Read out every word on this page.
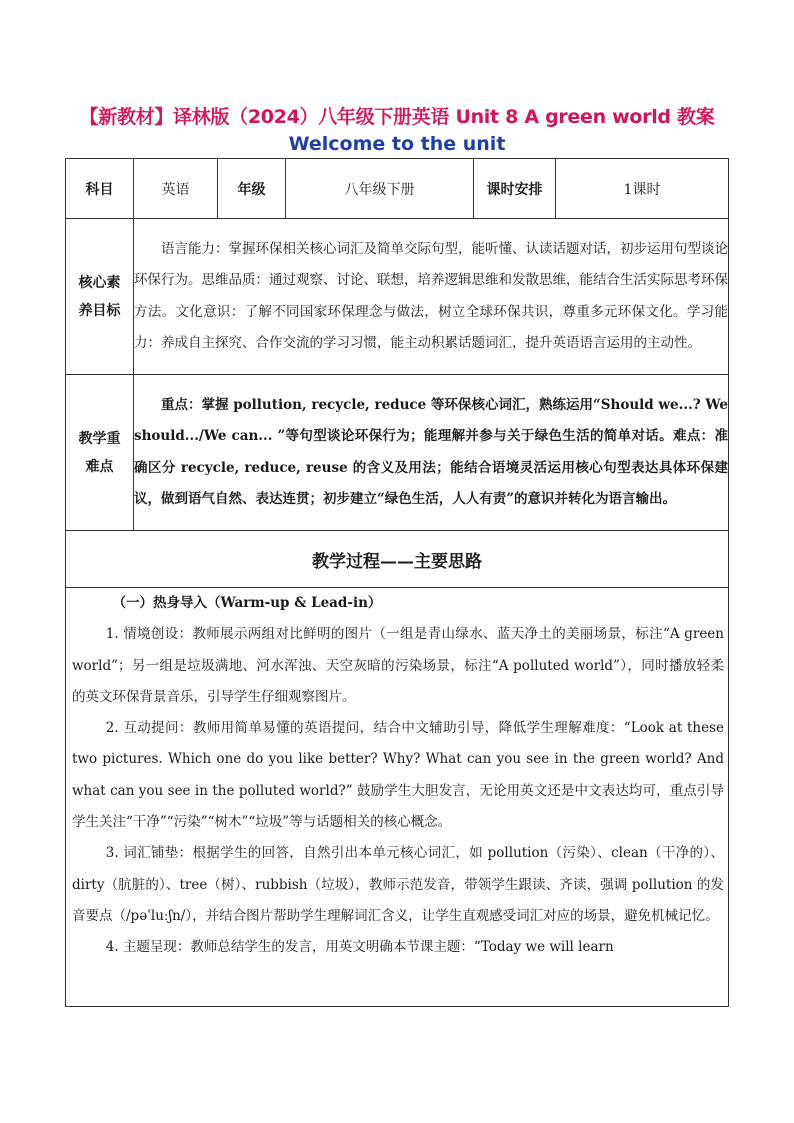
【新教材】译林版（2024）八年级下册英语 Unit 8 A green world 教案
Welcome to the unit
科目	英语	年级	八年级下册	课时安排	1课时

核心素
养目标	语言能力：掌握环保相关核心词汇及简单交际句型，能听懂、认读话题对话，初步运用句型谈论环保行为。思维品质：通过观察、讨论、联想，培养逻辑思维和发散思维，能结合生活实际思考环保方法。文化意识：了解不同国家环保理念与做法，树立全球环保共识，尊重多元环保文化。学习能力：养成自主探究、合作交流的学习习惯，能主动积累话题词汇，提升英语语言运用的主动性。				

教学重
难点	重点：掌握 pollution, recycle, reduce 等环保核心词汇，熟练运用“Should we...? We should.../We can... ”等句型谈论环保行为；能理解并参与关于绿色生活的简单对话。难点：准确区分 recycle, reduce, reuse 的含义及用法；能结合语境灵活运用核心句型表达具体环保建议，做到语气自然、表达连贯；初步建立“绿色生活，人人有责”的意识并转化为语言输出。				

教学过程——主要思路					

（一）热身导入（Warm-up & Lead-in）

1. 情境创设：教师展示两组对比鲜明的图片（一组是青山绿水、蓝天净土的美丽场景，标注“A green world”；另一组是垃圾满地、河水浑浊、天空灰暗的污染场景，标注“A polluted world”），同时播放轻柔的英文环保背景音乐，引导学生仔细观察图片。

2. 互动提问：教师用简单易懂的英语提问，结合中文辅助引导，降低学生理解难度：“Look at these two pictures. Which one do you like better? Why? What can you see in the green world? And what can you see in the polluted world?” 鼓励学生大胆发言，无论用英文还是中文表达均可，重点引导学生关注“干净”“污染”“树木”“垃圾”等与话题相关的核心概念。

3. 词汇铺垫：根据学生的回答，自然引出本单元核心词汇，如 pollution（污染）、clean（干净的）、dirty（肮脏的）、tree（树）、rubbish（垃圾），教师示范发音，带领学生跟读、齐读，强调 pollution 的发音要点（/pəˈluːʃn/），并结合图片帮助学生理解词汇含义，让学生直观感受词汇对应的场景，避免机械记忆。

4. 主题呈现：教师总结学生的发言，用英文明确本节课主题：“Today we will learn					
